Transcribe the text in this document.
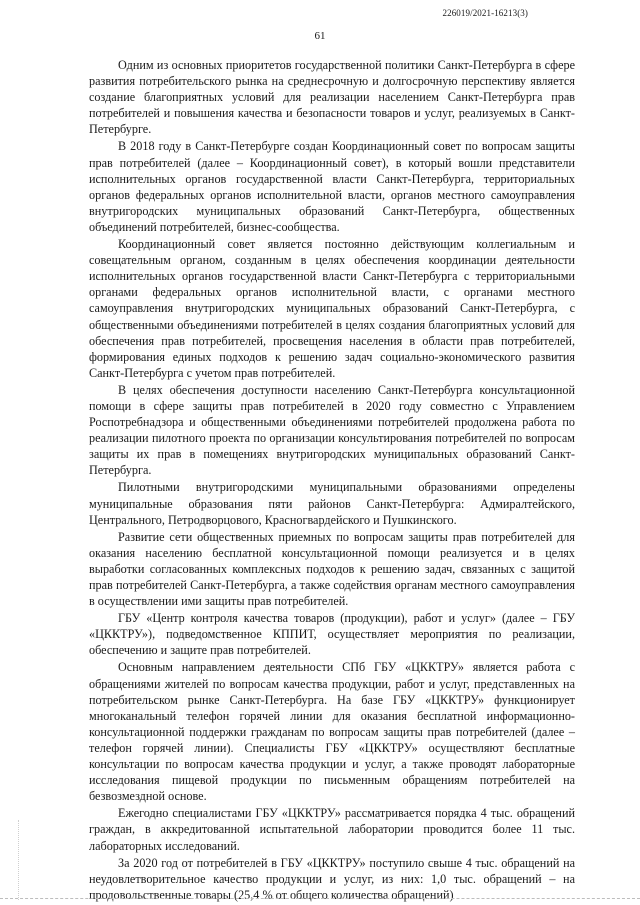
226019/2021-16213(3)
61

Одним из основных приоритетов государственной политики Санкт-Петербурга в сфере развития потребительского рынка на среднесрочную и долгосрочную перспективу является создание благоприятных условий для реализации населением Санкт-Петербурга прав потребителей и повышения качества и безопасности товаров и услуг, реализуемых в Санкт-Петербурге.

В 2018 году в Санкт-Петербурге создан Координационный совет по вопросам защиты прав потребителей (далее – Координационный совет), в который вошли представители исполнительных органов государственной власти Санкт-Петербурга, территориальных органов федеральных органов исполнительной власти, органов местного самоуправления внутригородских муниципальных образований Санкт-Петербурга, общественных объединений потребителей, бизнес-сообщества.

Координационный совет является постоянно действующим коллегиальным и совещательным органом, созданным в целях обеспечения координации деятельности исполнительных органов государственной власти Санкт-Петербурга с территориальными органами федеральных органов исполнительной власти, с органами местного самоуправления внутригородских муниципальных образований Санкт-Петербурга, с общественными объединениями потребителей в целях создания благоприятных условий для обеспечения прав потребителей, просвещения населения в области прав потребителей, формирования единых подходов к решению задач социально-экономического развития Санкт-Петербурга с учетом прав потребителей.

В целях обеспечения доступности населению Санкт-Петербурга консультационной помощи в сфере защиты прав потребителей в 2020 году совместно с Управлением Роспотребнадзора и общественными объединениями потребителей продолжена работа по реализации пилотного проекта по организации консультирования потребителей по вопросам защиты их прав в помещениях внутригородских муниципальных образований Санкт-Петербурга.

Пилотными внутригородскими муниципальными образованиями определены муниципальные образования пяти районов Санкт-Петербурга: Адмиралтейского, Центрального, Петродворцового, Красногвардейского и Пушкинского.

Развитие сети общественных приемных по вопросам защиты прав потребителей для оказания населению бесплатной консультационной помощи реализуется и в целях выработки согласованных комплексных подходов к решению задач, связанных с защитой прав потребителей Санкт-Петербурга, а также содействия органам местного самоуправления в осуществлении ими защиты прав потребителей.

ГБУ «Центр контроля качества товаров (продукции), работ и услуг» (далее – ГБУ «ЦККТРУ»), подведомственное КППИТ, осуществляет мероприятия по реализации, обеспечению и защите прав потребителей.

Основным направлением деятельности СПб ГБУ «ЦККТРУ» является работа с обращениями жителей по вопросам качества продукции, работ и услуг, представленных на потребительском рынке Санкт-Петербурга. На базе ГБУ «ЦККТРУ» функционирует многоканальный телефон горячей линии для оказания бесплатной информационно-консультационной поддержки гражданам по вопросам защиты прав потребителей (далее – телефон горячей линии). Специалисты ГБУ «ЦККТРУ» осуществляют бесплатные консультации по вопросам качества продукции и услуг, а также проводят лабораторные исследования пищевой продукции по письменным обращениям потребителей на безвозмездной основе.

Ежегодно специалистами ГБУ «ЦККТРУ» рассматривается порядка 4 тыс. обращений граждан, в аккредитованной испытательной лаборатории проводится более 11 тыс. лабораторных исследований.

За 2020 год от потребителей в ГБУ «ЦККТРУ» поступило свыше 4 тыс. обращений на неудовлетворительное качество продукции и услуг, из них: 1,0 тыс. обращений – на продовольственные товары (25,4 % от общего количества обращений)
